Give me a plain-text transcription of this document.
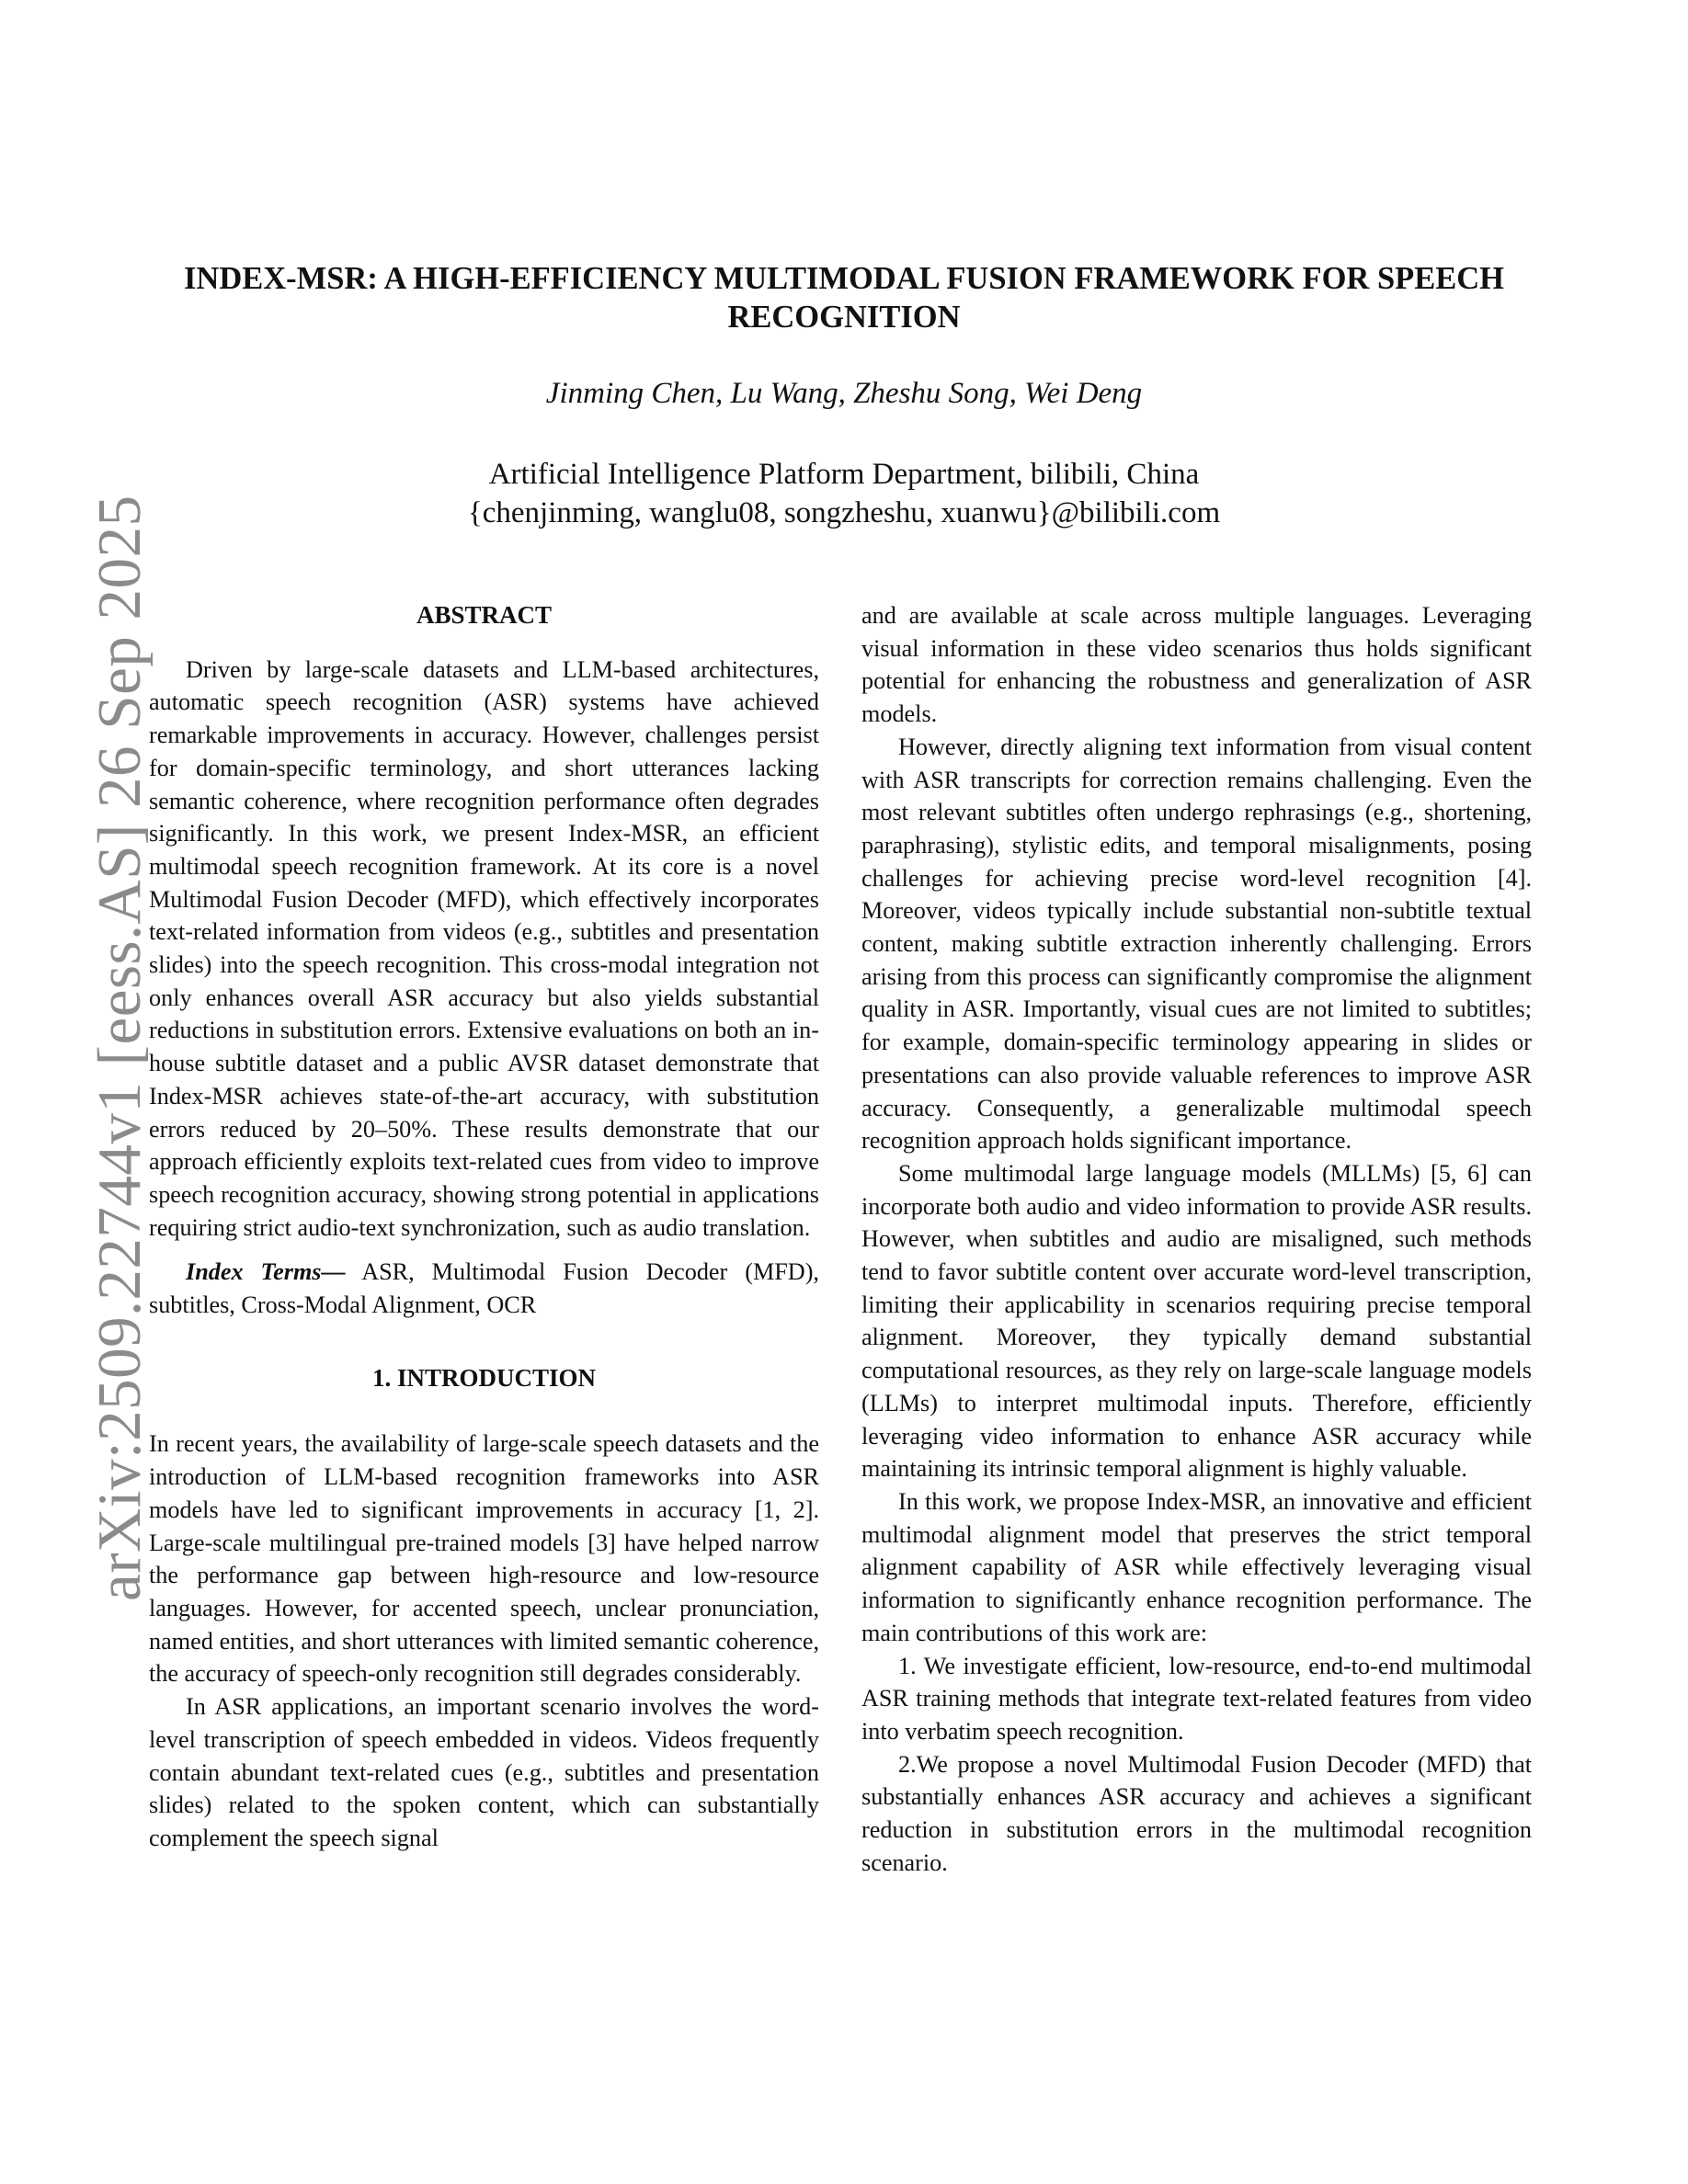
arXiv:2509.22744v1 [eess.AS] 26 Sep 2025
INDEX-MSR: A HIGH-EFFICIENCY MULTIMODAL FUSION FRAMEWORK FOR SPEECH
RECOGNITION
Jinming Chen, Lu Wang, Zheshu Song, Wei Deng
Artificial Intelligence Platform Department, bilibili, China
{chenjinming, wanglu08, songzheshu, xuanwu}@bilibili.com
ABSTRACT

Driven by large-scale datasets and LLM-based architectures, automatic speech recognition (ASR) systems have achieved remarkable improvements in accuracy. However, challenges persist for domain-specific terminology, and short utterances lacking semantic coherence, where recognition performance often degrades significantly. In this work, we present Index-MSR, an efficient multimodal speech recognition framework. At its core is a novel Multimodal Fusion Decoder (MFD), which effectively incorporates text-related information from videos (e.g., subtitles and presentation slides) into the speech recognition. This cross-modal integration not only enhances overall ASR accuracy but also yields substantial reductions in substitution errors. Extensive evaluations on both an in-house subtitle dataset and a public AVSR dataset demonstrate that Index-MSR achieves state-of-the-art accuracy, with substitution errors reduced by 20–50%. These results demonstrate that our approach efficiently exploits text-related cues from video to improve speech recognition accuracy, showing strong potential in applications requiring strict audio-text synchronization, such as audio translation.

Index Terms— ASR, Multimodal Fusion Decoder (MFD), subtitles, Cross-Modal Alignment, OCR

1. INTRODUCTION

In recent years, the availability of large-scale speech datasets and the introduction of LLM-based recognition frameworks into ASR models have led to significant improvements in accuracy [1, 2]. Large-scale multilingual pre-trained models [3] have helped narrow the performance gap between high-resource and low-resource languages. However, for accented speech, unclear pronunciation, named entities, and short utterances with limited semantic coherence, the accuracy of speech-only recognition still degrades considerably.

In ASR applications, an important scenario involves the word-level transcription of speech embedded in videos. Videos frequently contain abundant text-related cues (e.g., subtitles and presentation slides) related to the spoken content, which can substantially complement the speech signal

and are available at scale across multiple languages. Leveraging visual information in these video scenarios thus holds significant potential for enhancing the robustness and generalization of ASR models.

However, directly aligning text information from visual content with ASR transcripts for correction remains challenging. Even the most relevant subtitles often undergo rephrasings (e.g., shortening, paraphrasing), stylistic edits, and temporal misalignments, posing challenges for achieving precise word-level recognition [4]. Moreover, videos typically include substantial non-subtitle textual content, making subtitle extraction inherently challenging. Errors arising from this process can significantly compromise the alignment quality in ASR. Importantly, visual cues are not limited to subtitles; for example, domain-specific terminology appearing in slides or presentations can also provide valuable references to improve ASR accuracy. Consequently, a generalizable multimodal speech recognition approach holds significant importance.

Some multimodal large language models (MLLMs) [5, 6] can incorporate both audio and video information to provide ASR results. However, when subtitles and audio are misaligned, such methods tend to favor subtitle content over accurate word-level transcription, limiting their applicability in scenarios requiring precise temporal alignment. Moreover, they typically demand substantial computational resources, as they rely on large-scale language models (LLMs) to interpret multimodal inputs. Therefore, efficiently leveraging video information to enhance ASR accuracy while maintaining its intrinsic temporal alignment is highly valuable.

In this work, we propose Index-MSR, an innovative and efficient multimodal alignment model that preserves the strict temporal alignment capability of ASR while effectively leveraging visual information to significantly enhance recognition performance. The main contributions of this work are:

1. We investigate efficient, low-resource, end-to-end multimodal ASR training methods that integrate text-related features from video into verbatim speech recognition.

2.We propose a novel Multimodal Fusion Decoder (MFD) that substantially enhances ASR accuracy and achieves a significant reduction in substitution errors in the multimodal recognition scenario.
